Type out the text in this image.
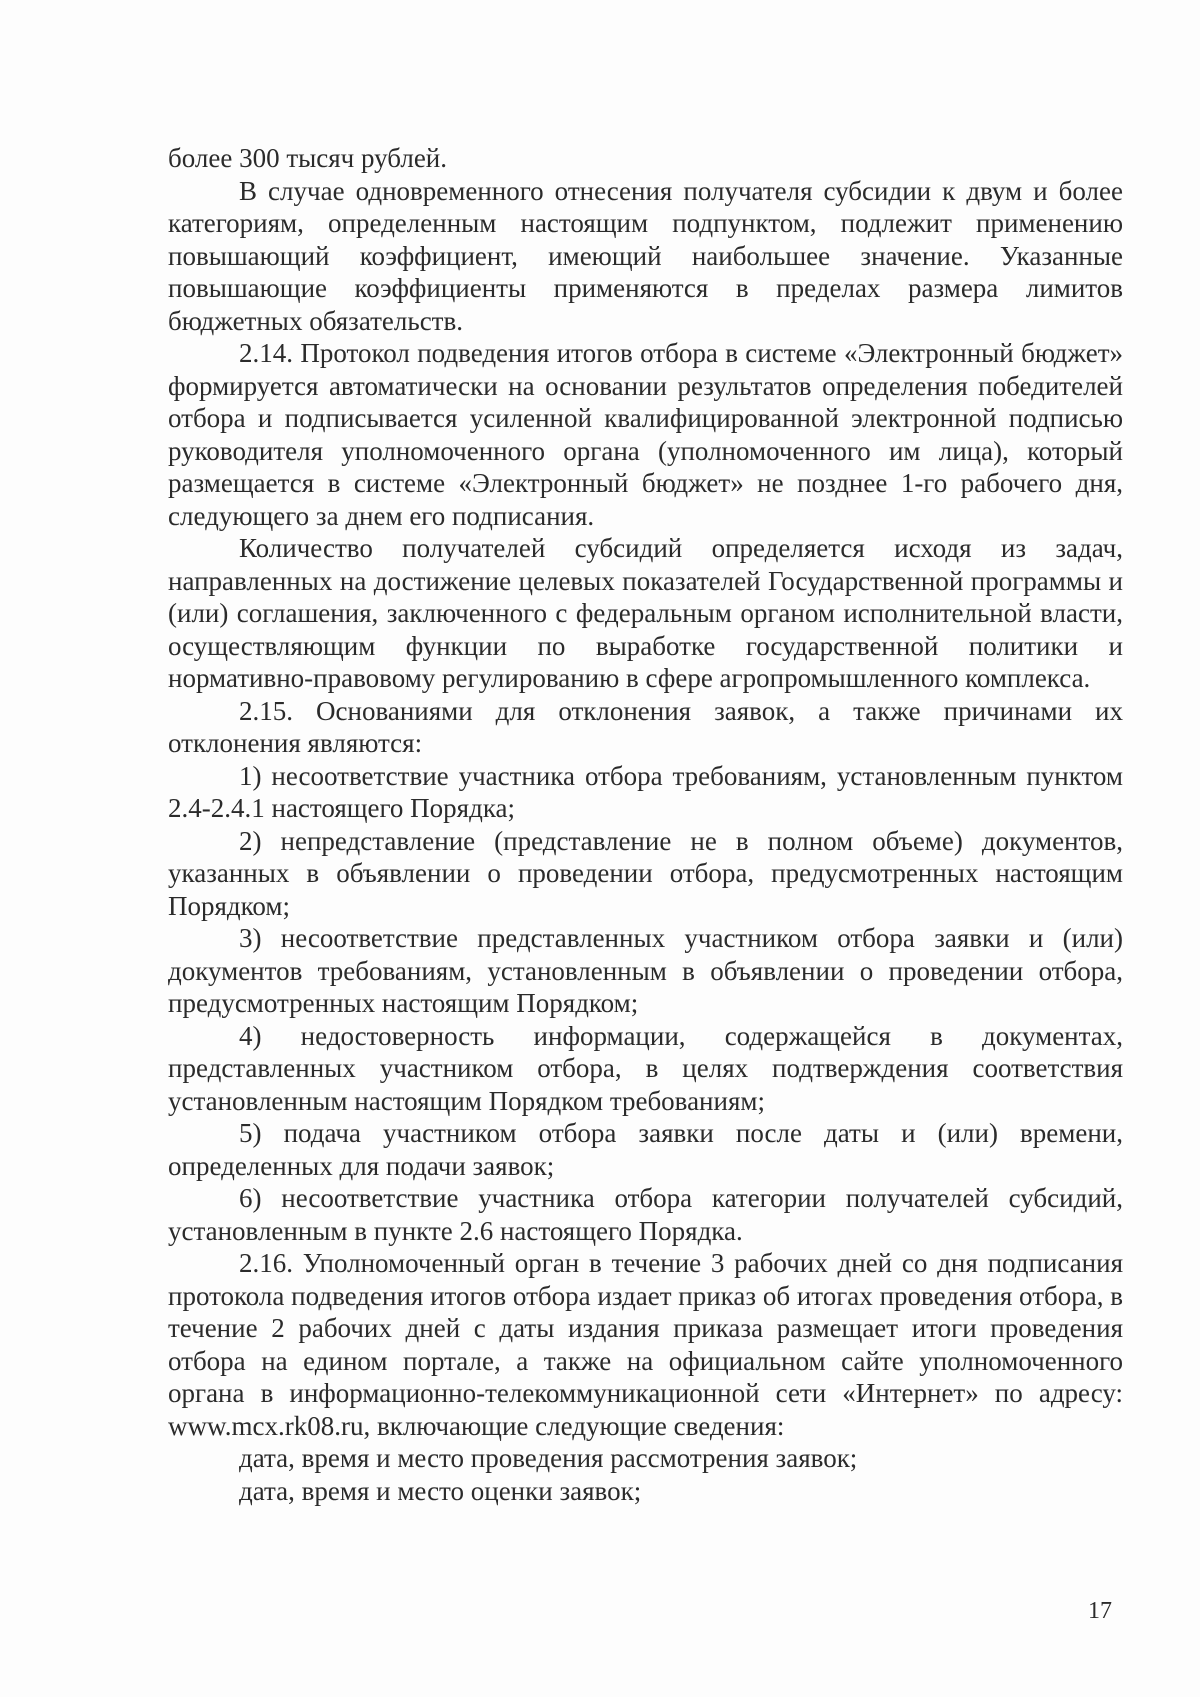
более 300 тысяч рублей.

В случае одновременного отнесения получателя субсидии к двум и более категориям, определенным настоящим подпунктом, подлежит применению повышающий коэффициент, имеющий наибольшее значение. Указанные повышающие коэффициенты применяются в пределах размера лимитов бюджетных обязательств.

2.14. Протокол подведения итогов отбора в системе «Электронный бюджет» формируется автоматически на основании результатов определения победителей отбора и подписывается усиленной квалифицированной электронной подписью руководителя уполномоченного органа (уполномоченного им лица), который размещается в системе «Электронный бюджет» не позднее 1-го рабочего дня, следующего за днем его подписания.

Количество получателей субсидий определяется исходя из задач, направленных на достижение целевых показателей Государственной программы и (или) соглашения, заключенного с федеральным органом исполнительной власти, осуществляющим функции по выработке государственной политики и нормативно-правовому регулированию в сфере агропромышленного комплекса.

2.15. Основаниями для отклонения заявок, а также причинами их отклонения являются:

1) несоответствие участника отбора требованиям, установленным пунктом 2.4-2.4.1 настоящего Порядка;

2) непредставление (представление не в полном объеме) документов, указанных в объявлении о проведении отбора, предусмотренных настоящим Порядком;

3) несоответствие представленных участником отбора заявки и (или) документов требованиям, установленным в объявлении о проведении отбора, предусмотренных настоящим Порядком;

4) недостоверность информации, содержащейся в документах, представленных участником отбора, в целях подтверждения соответствия установленным настоящим Порядком требованиям;

5) подача участником отбора заявки после даты и (или) времени, определенных для подачи заявок;

6) несоответствие участника отбора категории получателей субсидий, установленным в пункте 2.6 настоящего Порядка.

2.16. Уполномоченный орган в течение 3 рабочих дней со дня подписания протокола подведения итогов отбора издает приказ об итогах проведения отбора, в течение 2 рабочих дней с даты издания приказа размещает итоги проведения отбора на едином портале, а также на официальном сайте уполномоченного органа в информационно-телекоммуникационной сети «Интернет» по адресу: www.mcx.rk08.ru, включающие следующие сведения:

дата, время и место проведения рассмотрения заявок;

дата, время и место оценки заявок;

17
